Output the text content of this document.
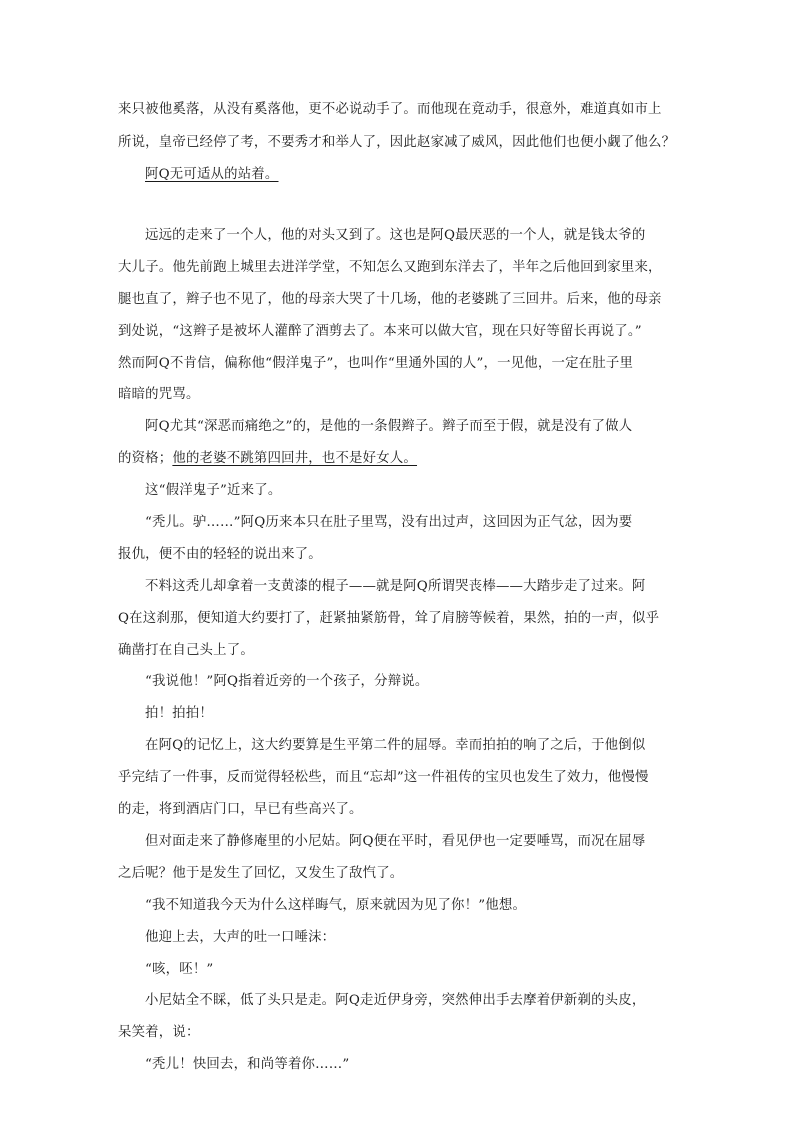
来只被他奚落，从没有奚落他，更不必说动手了。而他现在竟动手，很意外，难道真如市上
所说，皇帝已经停了考，不要秀才和举人了，因此赵家减了威风，因此他们也便小觑了他么？
阿Q无可适从的站着。
远远的走来了一个人，他的对头又到了。这也是阿Q最厌恶的一个人，就是钱太爷的
大儿子。他先前跑上城里去进洋学堂，不知怎么又跑到东洋去了，半年之后他回到家里来，
腿也直了，辫子也不见了，他的母亲大哭了十几场，他的老婆跳了三回井。后来，他的母亲
到处说，“这辫子是被坏人灌醉了酒剪去了。本来可以做大官，现在只好等留长再说了。”
然而阿Q不肯信，偏称他“假洋鬼子”，也叫作“里通外国的人”，一见他，一定在肚子里
暗暗的咒骂。
阿Q尤其“深恶而痛绝之”的，是他的一条假辫子。辫子而至于假，就是没有了做人
的资格；他的老婆不跳第四回井，也不是好女人。
这“假洋鬼子”近来了。
“秃儿。驴……”阿Q历来本只在肚子里骂，没有出过声，这回因为正气忿，因为要
报仇，便不由的轻轻的说出来了。
不料这秃儿却拿着一支黄漆的棍子——就是阿Q所谓哭丧棒——大踏步走了过来。阿
Q在这刹那，便知道大约要打了，赶紧抽紧筋骨，耸了肩膀等候着，果然，拍的一声，似乎
确凿打在自己头上了。
“我说他！”阿Q指着近旁的一个孩子，分辩说。
拍！拍拍！
在阿Q的记忆上，这大约要算是生平第二件的屈辱。幸而拍拍的响了之后，于他倒似
乎完结了一件事，反而觉得轻松些，而且“忘却”这一件祖传的宝贝也发生了效力，他慢慢
的走，将到酒店门口，早已有些高兴了。
但对面走来了静修庵里的小尼姑。阿Q便在平时，看见伊也一定要唾骂，而况在屈辱
之后呢？他于是发生了回忆，又发生了敌忾了。
“我不知道我今天为什么这样晦气，原来就因为见了你！”他想。
他迎上去，大声的吐一口唾沫：
“咳，呸！”
小尼姑全不睬，低了头只是走。阿Q走近伊身旁，突然伸出手去摩着伊新剃的头皮，
呆笑着，说：
“秃儿！快回去，和尚等着你……”
